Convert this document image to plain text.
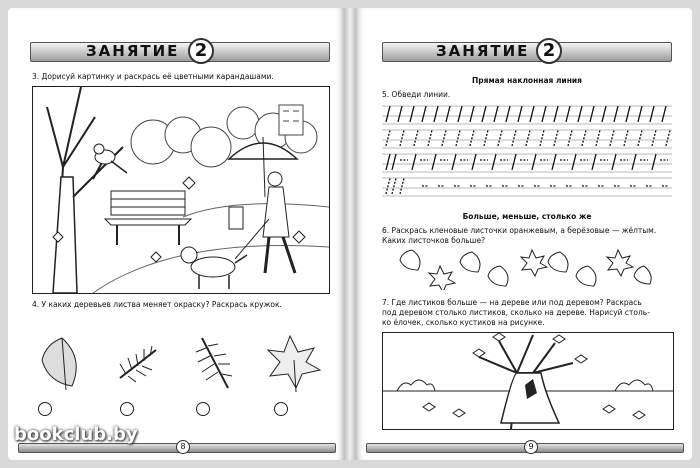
ЗАНЯТИЕ 2
3. Дорисуй картинку и раскрась её цветными карандашами.
4. У каких деревьев листва меняет окраску? Раскрась кружок.
8
ЗАНЯТИЕ 2
Прямая наклонная линия
5. Обведи линии.
Больше, меньше, столько же
6. Раскрась кленовые листочки оранжевым, а берёзовые — жёлтым.
Каких листочков больше?
7. Где листиков больше — на дереве или под деревом? Раскрась
под деревом столько листиков, сколько на дереве. Нарисуй столь-
ко ёлочек, сколько кустиков на рисунке.
9
bookclub.by
